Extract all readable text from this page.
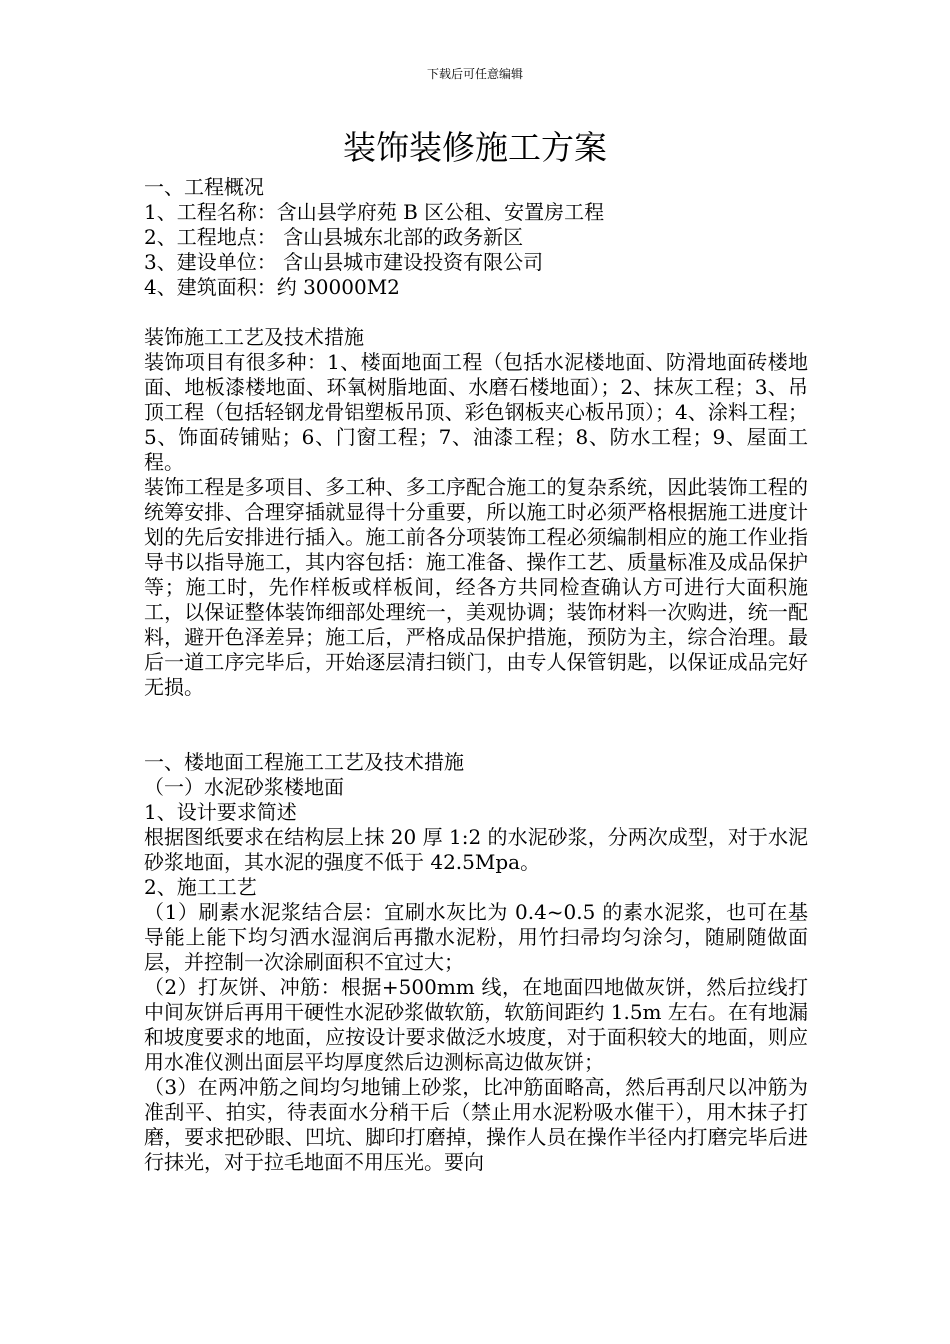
下载后可任意编辑
装饰装修施工方案

一、工程概况

1、工程名称：含山县学府苑 B 区公租、安置房工程

2、工程地点： 含山县城东北部的政务新区

3、建设单位： 含山县城市建设投资有限公司

4、建筑面积：约 30000M2

装饰施工工艺及技术措施

装饰项目有很多种：1、楼面地面工程（包括水泥楼地面、防滑地面砖楼地面、地板漆楼地面、环氧树脂地面、水磨石楼地面）；2、抹灰工程；3、吊顶工程（包括轻钢龙骨铝塑板吊顶、彩色钢板夹心板吊顶）；4、涂料工程；5、饰面砖铺贴；6、门窗工程；7、油漆工程；8、防水工程；9、屋面工程。

装饰工程是多项目、多工种、多工序配合施工的复杂系统，因此装饰工程的统筹安排、合理穿插就显得十分重要，所以施工时必须严格根据施工进度计划的先后安排进行插入。施工前各分项装饰工程必须编制相应的施工作业指导书以指导施工，其内容包括：施工准备、操作工艺、质量标准及成品保护等；施工时，先作样板或样板间，经各方共同检查确认方可进行大面积施工，以保证整体装饰细部处理统一，美观协调；装饰材料一次购进，统一配料，避开色泽差异；施工后，严格成品保护措施，预防为主，综合治理。最后一道工序完毕后，开始逐层清扫锁门，由专人保管钥匙，以保证成品完好无损。

一、楼地面工程施工工艺及技术措施

（一）水泥砂浆楼地面

1、设计要求简述

根据图纸要求在结构层上抹 20 厚 1:2 的水泥砂浆，分两次成型，对于水泥砂浆地面，其水泥的强度不低于 42.5Mpa。

2、施工工艺

（1）刷素水泥浆结合层：宜刷水灰比为 0.4~0.5 的素水泥浆，也可在基导能上能下均匀洒水湿润后再撒水泥粉，用竹扫帚均匀涂匀，随刷随做面层，并控制一次涂刷面积不宜过大；

（2）打灰饼、冲筋：根据+500mm 线，在地面四地做灰饼，然后拉线打中间灰饼后再用干硬性水泥砂浆做软筋，软筋间距约 1.5m 左右。在有地漏和坡度要求的地面，应按设计要求做泛水坡度，对于面积较大的地面，则应用水准仪测出面层平均厚度然后边测标高边做灰饼；

（3）在两冲筋之间均匀地铺上砂浆，比冲筋面略高，然后再刮尺以冲筋为准刮平、拍实，待表面水分稍干后（禁止用水泥粉吸水催干），用木抹子打磨，要求把砂眼、凹坑、脚印打磨掉，操作人员在操作半径内打磨完毕后进行抹光，对于拉毛地面不用压光。要向
